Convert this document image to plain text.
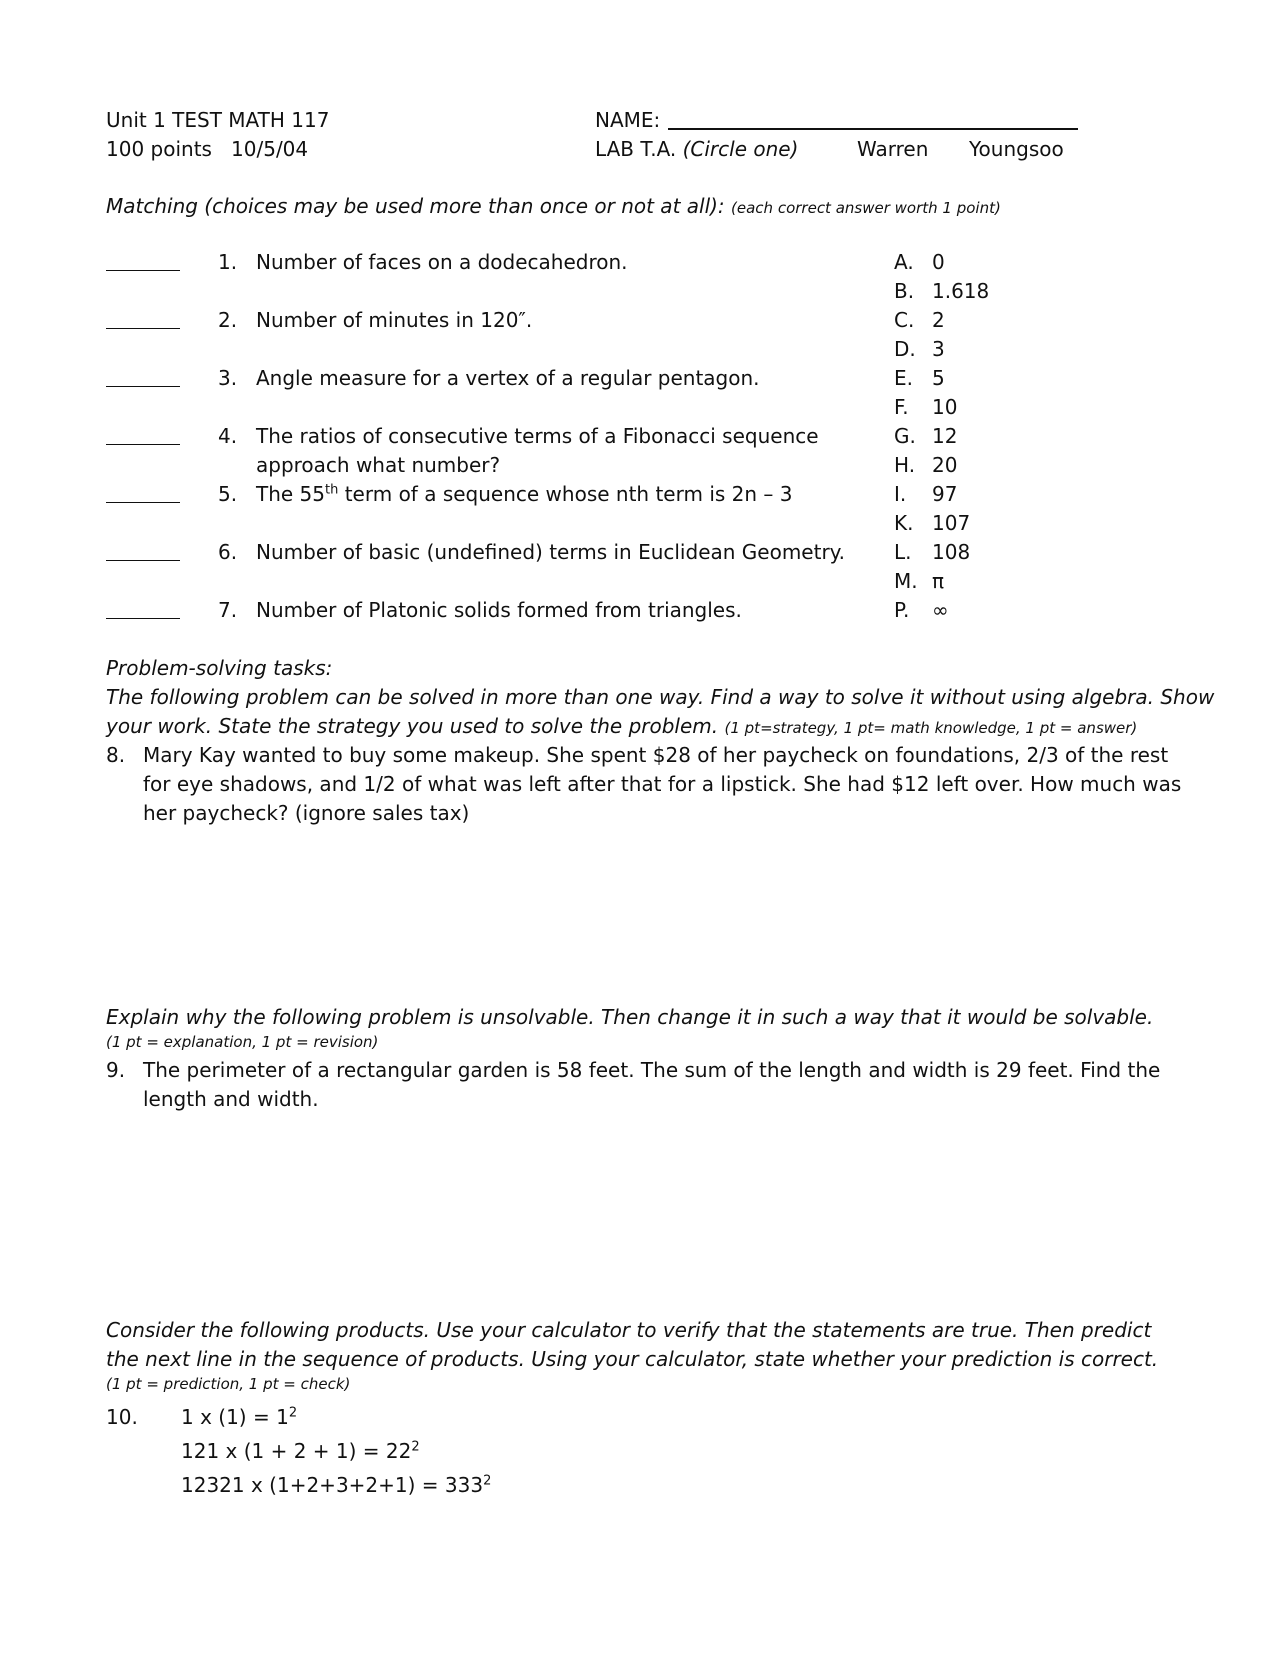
Unit 1 TEST MATH 117
100 points   10/5/04
NAME:
LAB T.A. (Circle one)	Warren Youngsoo
Matching (choices may be used more than once or not at all): (each correct answer worth 1 point)
1. Number of faces on a dodecahedron.
2. Number of minutes in 120″.
3. Angle measure for a vertex of a regular pentagon.
4. The ratios of consecutive terms of a Fibonacci sequence
approach what number?
5. The 55th term of a sequence whose nth term is 2n – 3
6. Number of basic (undefined) terms in Euclidean Geometry.
7. Number of Platonic solids formed from triangles.
A. 0
B. 1.618
C. 2
D. 3
E. 5
F. 10
G. 12
H. 20
I. 97
K. 107
L. 108
M. π
P. ∞
Problem-solving tasks:
The following problem can be solved in more than one way. Find a way to solve it without using algebra. Show
your work. State the strategy you used to solve the problem. (1 pt=strategy, 1 pt= math knowledge, 1 pt = answer)
8. Mary Kay wanted to buy some makeup. She spent $28 of her paycheck on foundations, 2/3 of the rest
for eye shadows, and 1/2 of what was left after that for a lipstick. She had $12 left over. How much was
her paycheck? (ignore sales tax)
Explain why the following problem is unsolvable. Then change it in such a way that it would be solvable.
(1 pt = explanation, 1 pt = revision)
9. The perimeter of a rectangular garden is 58 feet. The sum of the length and width is 29 feet. Find the
length and width.
Consider the following products. Use your calculator to verify that the statements are true. Then predict
the next line in the sequence of products. Using your calculator, state whether your prediction is correct.
(1 pt = prediction, 1 pt = check)
10. 1 x $(1) = 1^2$
121 x $(1 + 2 + 1) = 22^2$
12321 x $(1+2+3+2+1) = 333^2$
